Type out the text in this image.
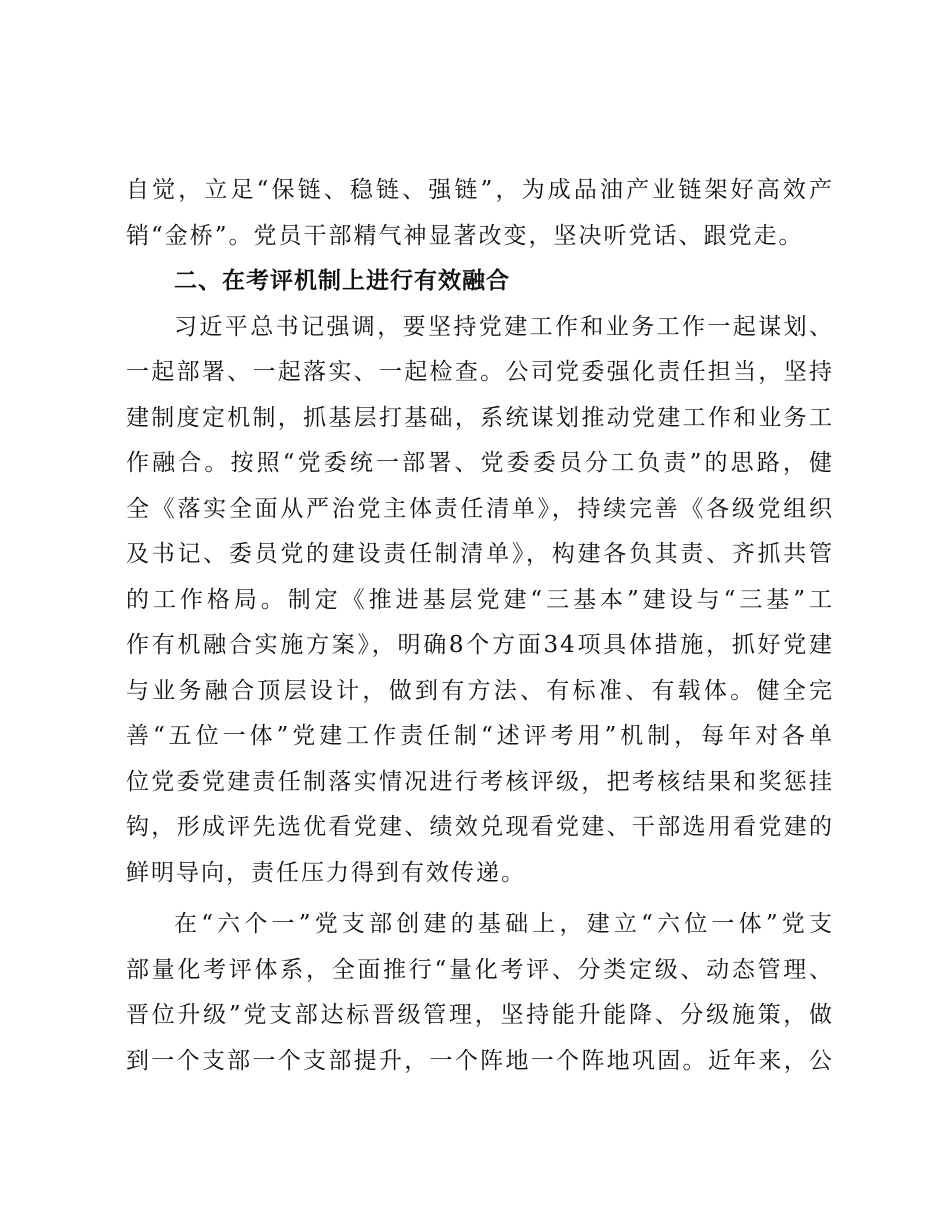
自觉，立足“保链、稳链、强链”，为成品油产业链架好高效产
销“金桥”。党员干部精气神显著改变，坚决听党话、跟党走。
二、在考评机制上进行有效融合
习近平总书记强调，要坚持党建工作和业务工作一起谋划、
一起部署、一起落实、一起检查。公司党委强化责任担当，坚持
建制度定机制，抓基层打基础，系统谋划推动党建工作和业务工
作融合。按照“党委统一部署、党委委员分工负责”的思路，健
全《落实全面从严治党主体责任清单》，持续完善《各级党组织
及书记、委员党的建设责任制清单》，构建各负其责、齐抓共管
的工作格局。制定《推进基层党建“三基本”建设与“三基”工
作有机融合实施方案》，明确8个方面34项具体措施，抓好党建
与业务融合顶层设计，做到有方法、有标准、有载体。健全完
善“五位一体”党建工作责任制“述评考用”机制，每年对各单
位党委党建责任制落实情况进行考核评级，把考核结果和奖惩挂
钩，形成评先选优看党建、绩效兑现看党建、干部选用看党建的
鲜明导向，责任压力得到有效传递。
在“六个一”党支部创建的基础上，建立“六位一体”党支
部量化考评体系，全面推行“量化考评、分类定级、动态管理、
晋位升级”党支部达标晋级管理，坚持能升能降、分级施策，做
到一个支部一个支部提升，一个阵地一个阵地巩固。近年来，公
